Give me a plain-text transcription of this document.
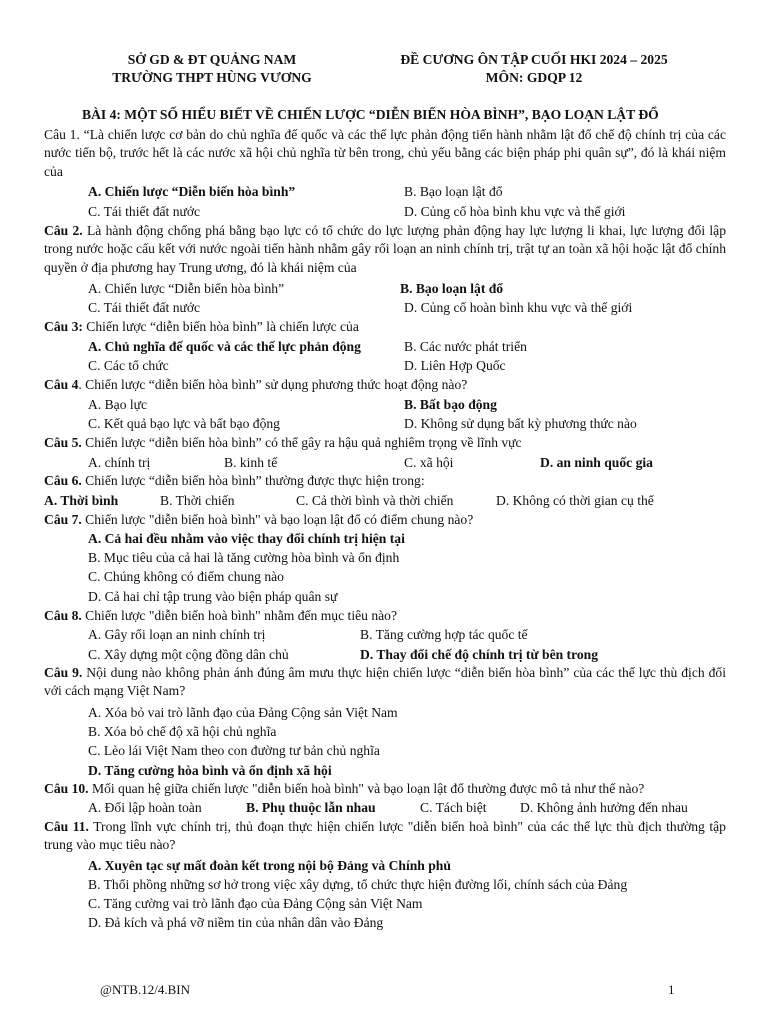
SỞ GD & ĐT QUẢNG NAM
TRƯỜNG THPT HÙNG VƯƠNG
ĐỀ CƯƠNG ÔN TẬP CUỐI HKI 2024 – 2025
MÔN: GDQP 12
BÀI 4: MỘT SỐ HIỂU BIẾT VỀ CHIẾN LƯỢC “DIỄN BIẾN HÒA BÌNH”, BẠO LOẠN LẬT ĐỔ
Câu 1. “Là chiến lược cơ bản do chủ nghĩa đế quốc và các thế lực phản động tiến hành nhằm lật đổ chế độ chính trị của các nước tiến bộ, trước hết là các nước xã hội chủ nghĩa từ bên trong, chủ yếu bằng các biện pháp phi quân sự”, đó là khái niệm của
A. Chiến lược “Diễn biến hòa bình”	B. Bạo loạn lật đổ
C. Tái thiết đất nước	D. Củng cố hòa bình khu vực và thế giới
Câu 2. Là hành động chống phá bằng bạo lực có tổ chức do lực lượng phản động hay lực lượng li khai, lực lượng đối lập trong nước hoặc cấu kết với nước ngoài tiến hành nhằm gây rối loạn an ninh chính trị, trật tự an toàn xã hội hoặc lật đổ chính quyền ở địa phương hay Trung ương, đó là khái niệm của
A. Chiến lược “Diễn biến hòa bình”	B. Bạo loạn lật đổ
C. Tái thiết đất nước	D. Củng cố hoàn bình khu vực và thế giới
Câu 3: Chiến lược “diễn biến hòa bình” là chiến lược của
A. Chủ nghĩa đế quốc và các thế lực phản động	B. Các nước phát triển
C. Các tổ chức	D. Liên Hợp Quốc
Câu 4. Chiến lược “diễn biến hòa bình” sử dụng phương thức hoạt động nào?
A. Bạo lực	B. Bất bạo động
C. Kết quả bạo lực và bất bạo động	D. Không sử dụng bất kỳ phương thức nào
Câu 5. Chiến lược “diễn biến hòa bình” có thể gây ra hậu quả nghiêm trọng về lĩnh vực
A. chính trị	B. kinh tế	C. xã hội	D. an ninh quốc gia
Câu 6. Chiến lược “diễn biến hòa bình” thường được thực hiện trong:
A. Thời bình	B. Thời chiến	C. Cả thời bình và thời chiến	D. Không có thời gian cụ thể
Câu 7. Chiến lược "diễn biến hoà bình" và bạo loạn lật đổ có điểm chung nào?
A. Cả hai đều nhằm vào việc thay đổi chính trị hiện tại
B. Mục tiêu của cả hai là tăng cường hòa bình và ổn định
C. Chúng không có điểm chung nào
D. Cả hai chỉ tập trung vào biện pháp quân sự
Câu 8. Chiến lược "diễn biến hoà bình" nhằm đến mục tiêu nào?
A. Gây rối loạn an ninh chính trị	B. Tăng cường hợp tác quốc tế
C. Xây dựng một cộng đồng dân chủ	D. Thay đổi chế độ chính trị từ bên trong
Câu 9. Nội dung nào không phản ánh đúng âm mưu thực hiện chiến lược “diễn biến hòa bình” của các thế lực thù địch đối với cách mạng Việt Nam?
A. Xóa bỏ vai trò lãnh đạo của Đảng Cộng sản Việt Nam
B. Xóa bỏ chế độ xã hội chủ nghĩa
C. Lèo lái Việt Nam theo con đường tư bản chủ nghĩa
D. Tăng cường hòa bình và ổn định xã hội
Câu 10. Mối quan hệ giữa chiến lược "diễn biến hoà bình" và bạo loạn lật đổ thường được mô tả như thế nào?
A. Đối lập hoàn toàn	B. Phụ thuộc lẫn nhau	C. Tách biệt D. Không ảnh hưởng đến nhau
Câu 11. Trong lĩnh vực chính trị, thủ đoạn thực hiện chiến lược "diễn biến hoà bình" của các thế lực thù địch thường tập trung vào mục tiêu nào?
A. Xuyên tạc sự mất đoàn kết trong nội bộ Đảng và Chính phủ
B. Thổi phồng những sơ hở trong việc xây dựng, tổ chức thực hiện đường lối, chính sách của Đảng
C. Tăng cường vai trò lãnh đạo của Đảng Cộng sản Việt Nam
D. Đả kích và phá vỡ niềm tin của nhân dân vào Đảng
@NTB.12/4.BIN	1
